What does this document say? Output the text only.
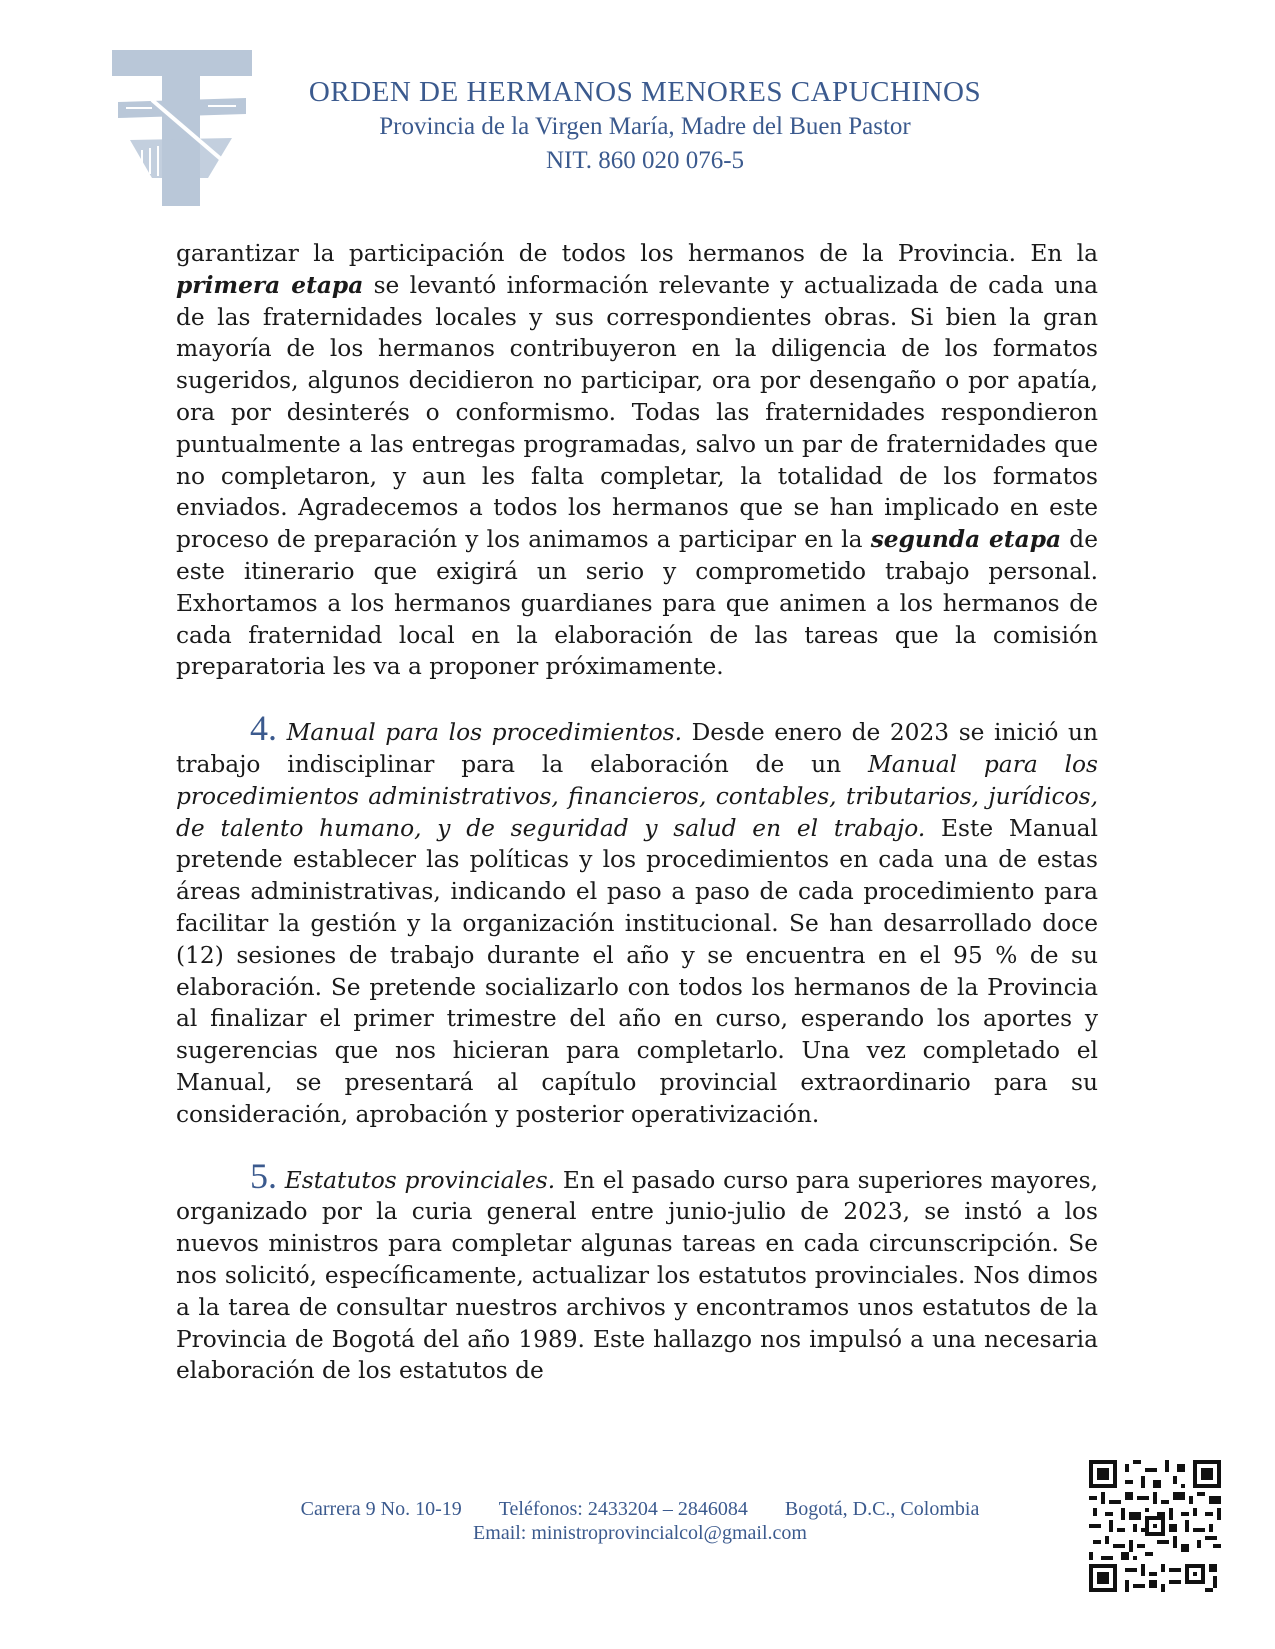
ORDEN DE HERMANOS MENORES CAPUCHINOS
Provincia de la Virgen María, Madre del Buen Pastor
NIT. 860 020 076-5

garantizar la participación de todos los hermanos de la Provincia. En la primera etapa se levantó información relevante y actualizada de cada una de las fraternidades locales y sus correspondientes obras. Si bien la gran mayoría de los hermanos contribuyeron en la diligencia de los formatos sugeridos, algunos decidieron no participar, ora por desengaño o por apatía, ora por desinterés o conformismo. Todas las fraternidades respondieron puntualmente a las entregas programadas, salvo un par de fraternidades que no completaron, y aun les falta completar, la totalidad de los formatos enviados. Agradecemos a todos los hermanos que se han implicado en este proceso de preparación y los animamos a participar en la segunda etapa de este itinerario que exigirá un serio y comprometido trabajo personal. Exhortamos a los hermanos guardianes para que animen a los hermanos de cada fraternidad local en la elaboración de las tareas que la comisión preparatoria les va a proponer próximamente.

4. Manual para los procedimientos. Desde enero de 2023 se inició un trabajo indisciplinar para la elaboración de un Manual para los procedimientos administrativos, financieros, contables, tributarios, jurídicos, de talento humano, y de seguridad y salud en el trabajo. Este Manual pretende establecer las políticas y los procedimientos en cada una de estas áreas administrativas, indicando el paso a paso de cada procedimiento para facilitar la gestión y la organización institucional. Se han desarrollado doce (12) sesiones de trabajo durante el año y se encuentra en el 95 % de su elaboración. Se pretende socializarlo con todos los hermanos de la Provincia al finalizar el primer trimestre del año en curso, esperando los aportes y sugerencias que nos hicieran para completarlo. Una vez completado el Manual, se presentará al capítulo provincial extraordinario para su consideración, aprobación y posterior operativización.

5. Estatutos provinciales. En el pasado curso para superiores mayores, organizado por la curia general entre junio-julio de 2023, se instó a los nuevos ministros para completar algunas tareas en cada circunscripción. Se nos solicitó, específicamente, actualizar los estatutos provinciales. Nos dimos a la tarea de consultar nuestros archivos y encontramos unos estatutos de la Provincia de Bogotá del año 1989. Este hallazgo nos impulsó a una necesaria elaboración de los estatutos de

Carrera 9 No. 10-19 Teléfonos: 2433204 – 2846084 Bogotá, D.C., Colombia
Email: ministroprovincialcol@gmail.com
